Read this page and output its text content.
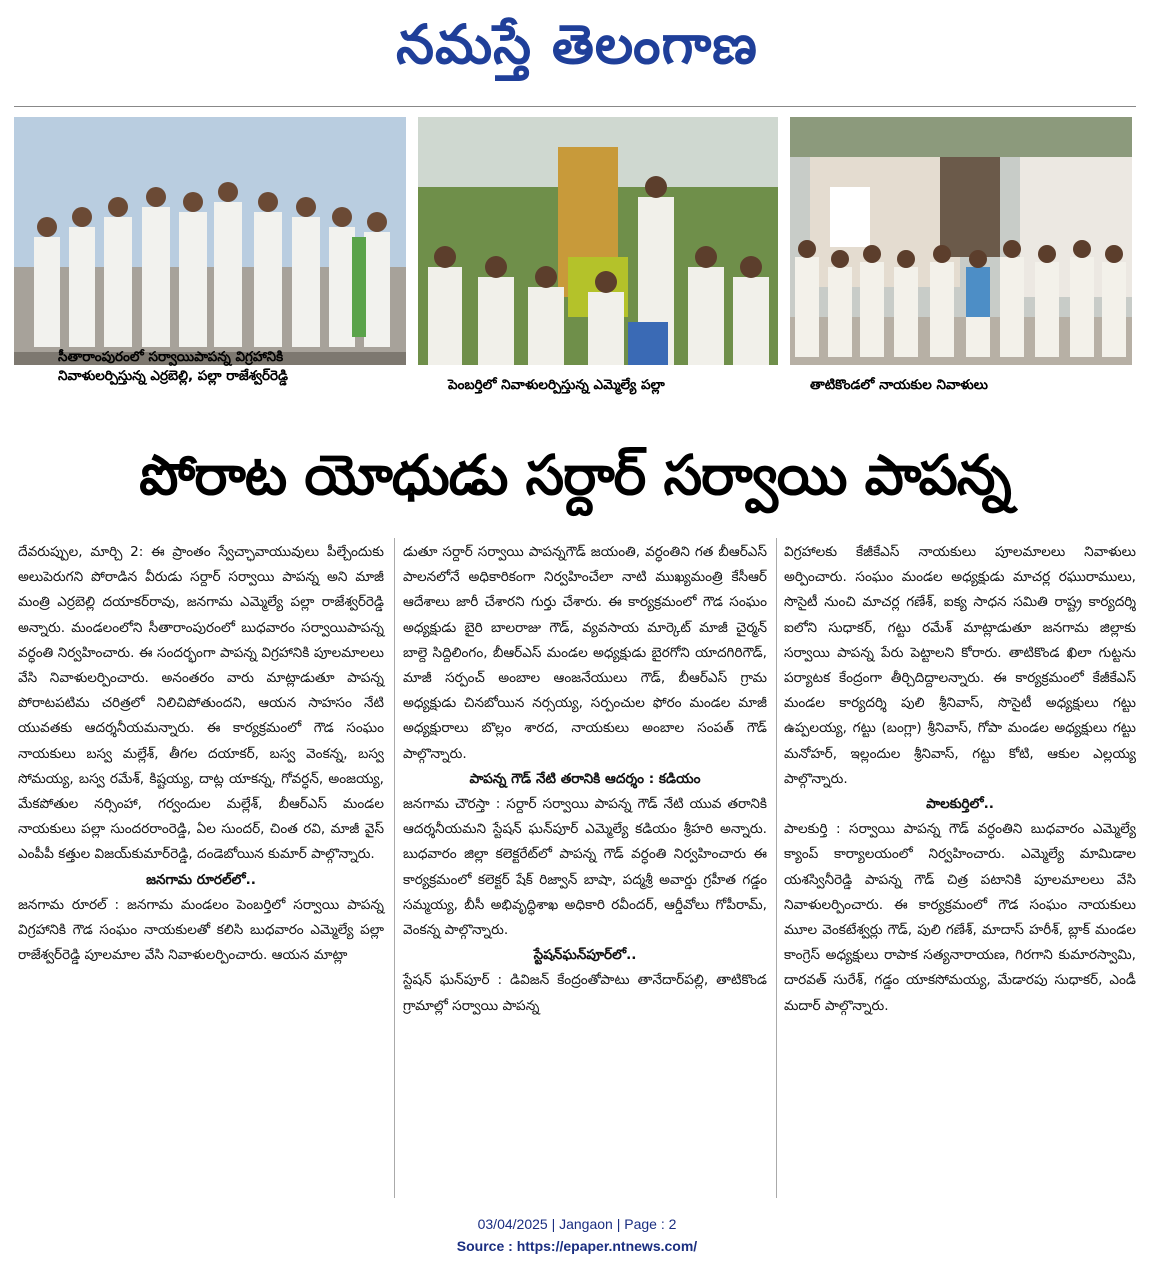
నమస్తే తెలంగాణ
సీతారాంపురంలో సర్వాయిపాపన్న విగ్రహానికి
నివాళులర్పిస్తున్న ఎర్రబెల్లి, పల్లా రాజేశ్వర్‌రెడ్డి
పెంబర్తిలో నివాళులర్పిస్తున్న ఎమ్మెల్యే పల్లా	తాటికొండలో నాయకుల నివాళులు
పోరాట యోధుడు సర్దార్ సర్వాయి పాపన్న

దేవరుప్పుల, మార్చి 2: ఈ ప్రాంతం స్వేచ్ఛావాయువులు పీల్చేందుకు అలుపెరుగని పోరాడిన వీరుడు సర్దార్ సర్వాయి పాపన్న అని మాజీ మంత్రి ఎర్రబెల్లి దయాకర్‌రావు, జనగామ ఎమ్మెల్యే పల్లా రాజేశ్వర్‌రెడ్డి అన్నారు. మండలంలోని సీతారాంపురంలో బుధవారం సర్వాయిపాపన్న వర్ధంతి నిర్వహించారు. ఈ సందర్భంగా పాపన్న విగ్రహానికి పూలమాలలు వేసి నివాళులర్పించారు. అనంతరం వారు మాట్లాడుతూ పాపన్న పోరాటపటిమ చరిత్రలో నిలిచిపోతుందని, ఆయన సాహసం నేటి యువతకు ఆదర్శనీయమన్నారు. ఈ కార్యక్రమంలో గౌడ సంఘం నాయకులు బస్వ మల్లేశ్, తీగల దయాకర్, బస్వ వెంకన్న, బస్వ సోమయ్య, బస్వ రమేశ్, కిష్టయ్య, దాట్ల యాకన్న, గోవర్ధన్, అంజయ్య, మేకపోతుల నర్సింహా, గర్వందుల మల్లేశ్, బీఆర్‌ఎస్ మండల నాయకులు పల్లా సుందరరాంరెడ్డి, ఏల సుందర్, చింత రవి, మాజీ వైస్ ఎంపీపీ కత్తుల విజయ్‌కుమార్‌రెడ్డి, దండెబోయిన కుమార్ పాల్గొన్నారు.

జనగామ రూరల్‌లో..

జనగామ రూరల్ : జనగామ మండలం పెంబర్తిలో సర్వాయి పాపన్న విగ్రహానికి గౌడ సంఘం నాయకులతో కలిసి బుధవారం ఎమ్మెల్యే పల్లా రాజేశ్వర్‌రెడ్డి పూలమాల వేసి నివాళులర్పించారు. ఆయన మాట్లా

డుతూ సర్దార్ సర్వాయి పాపన్నగౌడ్ జయంతి, వర్ధంతిని గత బీఆర్‌ఎస్ పాలనలోనే అధికారికంగా నిర్వహించేలా నాటి ముఖ్యమంత్రి కేసీఆర్ ఆదేశాలు జారీ చేశారని గుర్తు చేశారు. ఈ కార్యక్రమంలో గౌడ సంఘం అధ్యక్షుడు బైరి బాలరాజు గౌడ్, వ్యవసాయ మార్కెట్ మాజీ చైర్మన్ బాల్దె సిద్దిలింగం, బీఆర్‌ఎస్ మండల అధ్యక్షుడు బైరగోని యాదగిరిగౌడ్, మాజీ సర్పంచ్ అంబాల ఆంజనేయులు గౌడ్, బీఆర్‌ఎస్ గ్రామ అధ్యక్షుడు చినబోయిన నర్సయ్య, సర్పంచుల ఫోరం మండల మాజీ అధ్యక్షురాలు బొల్లం శారద, నాయకులు అంబాల సంపత్ గౌడ్ పాల్గొన్నారు.

పాపన్న గౌడ్ నేటి తరానికి ఆదర్శం : కడియం

జనగామ చౌరస్తా : సర్దార్ సర్వాయి పాపన్న గౌడ్ నేటి యువ తరానికి ఆదర్శనీయమని స్టేషన్ ఘన్‌పూర్ ఎమ్మెల్యే కడియం శ్రీహరి అన్నారు. బుధవారం జిల్లా కలెక్టరేట్‌లో పాపన్న గౌడ్ వర్ధంతి నిర్వహించారు ఈ కార్యక్రమంలో కలెక్టర్ షేక్ రిజ్వాన్ బాషా, పద్మశ్రీ అవార్డు గ్రహీత గడ్డం సమ్మయ్య, బీసీ అభివృద్ధిశాఖ అధికారి రవీందర్, ఆర్డీవోలు గోపీరామ్, వెంకన్న పాల్గొన్నారు.

స్టేషన్‌ఘన్‌పూర్‌లో..

స్టేషన్ ఘన్‌పూర్ : డివిజన్ కేంద్రంతోపాటు తానేదార్‌పల్లి, తాటికొండ గ్రామాల్లో సర్వాయి పాపన్న

విగ్రహాలకు కేజీకేఎస్ నాయకులు పూలమాలలు నివాళులు అర్పించారు. సంఘం మండల అధ్యక్షుడు మాచర్ల రఘురాములు, సొసైటీ నుంచి మాచర్ల గణేశ్, ఐక్య సాధన సమితి రాష్ట్ర కార్యదర్శి ఐలోని సుధాకర్, గట్టు రమేశ్ మాట్లాడుతూ జనగామ జిల్లాకు సర్వాయి పాపన్న పేరు పెట్టాలని కోరారు. తాటికొండ ఖిలా గుట్టను పర్యాటక కేంద్రంగా తీర్చిదిద్దాలన్నారు. ఈ కార్యక్రమంలో కేజీకేఎస్ మండల కార్యదర్శి పులి శ్రీనివాస్, సొసైటీ అధ్యక్షులు గట్టు ఉప్పలయ్య, గట్టు (బంగ్లా) శ్రీనివాస్, గోపా మండల అధ్యక్షులు గట్టు మనోహర్, ఇల్లందుల శ్రీనివాస్, గట్టు కోటి, ఆకుల ఎల్లయ్య పాల్గొన్నారు.

పాలకుర్తిలో..

పాలకుర్తి : సర్వాయి పాపన్న గౌడ్ వర్ధంతిని బుధవారం ఎమ్మెల్యే క్యాంప్ కార్యాలయంలో నిర్వహించారు. ఎమ్మెల్యే మామిడాల యశస్వినీరెడ్డి పాపన్న గౌడ్ చిత్ర పటానికి పూలమాలలు వేసి నివాళులర్పించారు. ఈ కార్యక్రమంలో గౌడ సంఘం నాయకులు మూల వెంకటేశ్వర్లు గౌడ్, పులి గణేశ్, మాదాస్ హరీశ్, బ్లాక్ మండల కాంగ్రెస్ అధ్యక్షులు రాపాక సత్యనారాయణ, గిరగాని కుమారస్వామి, దారవత్ సురేశ్, గడ్డం యాకసోమయ్య, మేడారపు సుధాకర్, ఎండీ మదార్ పాల్గొన్నారు.

03/04/2025 | Jangaon | Page : 2
Source : https://epaper.ntnews.com/
